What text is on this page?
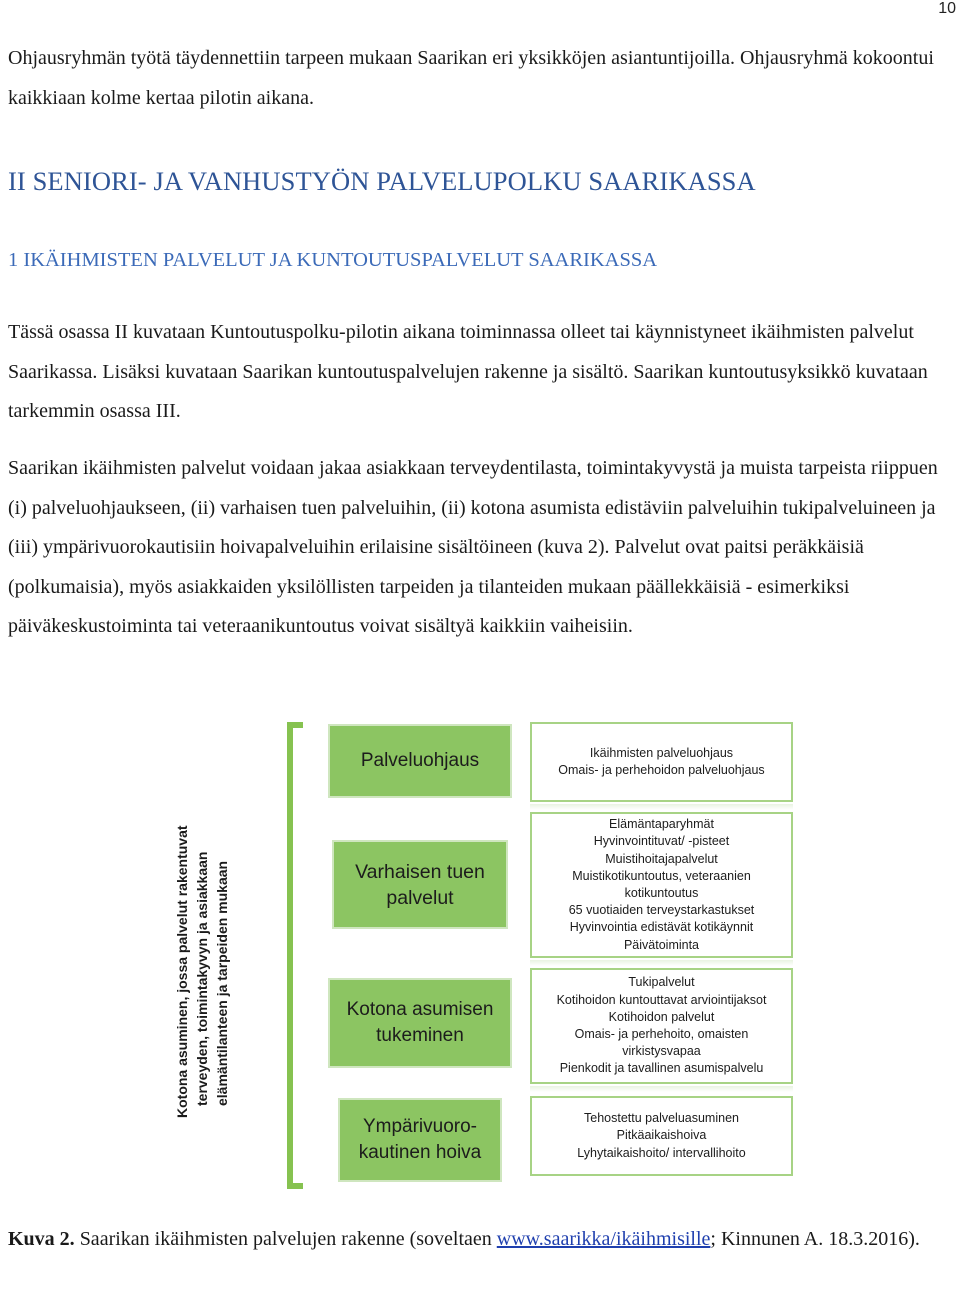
10

Ohjausryhmän työtä täydennettiin tarpeen mukaan Saarikan eri yksikköjen asiantuntijoilla. Ohjausryhmä kokoontui kaikkiaan kolme kertaa pilotin aikana.

II SENIORI- JA VANHUSTYÖN PALVELUPOLKU SAARIKASSA
1 IKÄIHMISTEN PALVELUT JA KUNTOUTUSPALVELUT SAARIKASSA

Tässä osassa II kuvataan Kuntoutuspolku-pilotin aikana toiminnassa olleet tai käynnistyneet ikäihmisten palvelut Saarikassa. Lisäksi kuvataan Saarikan kuntoutuspalvelujen rakenne ja sisältö. Saarikan kuntoutusyksikkö kuvataan tarkemmin osassa III.

Saarikan ikäihmisten palvelut voidaan jakaa asiakkaan terveydentilasta, toimintakyvystä ja muista tarpeista riippuen (i) palveluohjaukseen, (ii) varhaisen tuen palveluihin, (ii) kotona asumista edistäviin palveluihin tukipalveluineen ja (iii) ympärivuorokautisiin hoivapalveluihin erilaisine sisältöineen (kuva 2). Palvelut ovat paitsi peräkkäisiä (polkumaisia), myös asiakkaiden yksilöllisten tarpeiden ja tilanteiden mukaan päällekkäisiä - esimerkiksi päiväkeskustoiminta tai veteraanikuntoutus voivat sisältyä kaikkiin vaiheisiin.

Kotona asuminen, jossa palvelut rakentuvat terveyden, toimintakyvyn ja asiakkaan elämäntilanteen ja tarpeiden mukaan
Palveluohjaus	Ikäihmisten palveluohjaus
Omais- ja perhehoidon palveluohjaus
Varhaisen tuen palvelut
Elämäntaparyhmät
Hyvinvointituvat/ -pisteet
Muistihoitajapalvelut
Muistikotikuntoutus, veteraanien
kotikuntoutus
65 vuotiaiden terveystarkastukset
Hyvinvointia edistävät kotikäynnit
Päivätoiminta
Kotona asumisen tukeminen
Tukipalvelut
Kotihoidon kuntouttavat arviointijaksot
Kotihoidon palvelut
Omais- ja perhehoito, omaisten
virkistysvapaa
Pienkodit ja tavallinen asumispalvelu
Ympärivuoro-kautinen hoiva
Tehostettu palveluasuminen
Pitkäaikaishoiva
Lyhytaikaishoito/ intervallihoito

Kuva 2. Saarikan ikäihmisten palvelujen rakenne (soveltaen www.saarikka/ikäihmisille; Kinnunen A. 18.3.2016).
